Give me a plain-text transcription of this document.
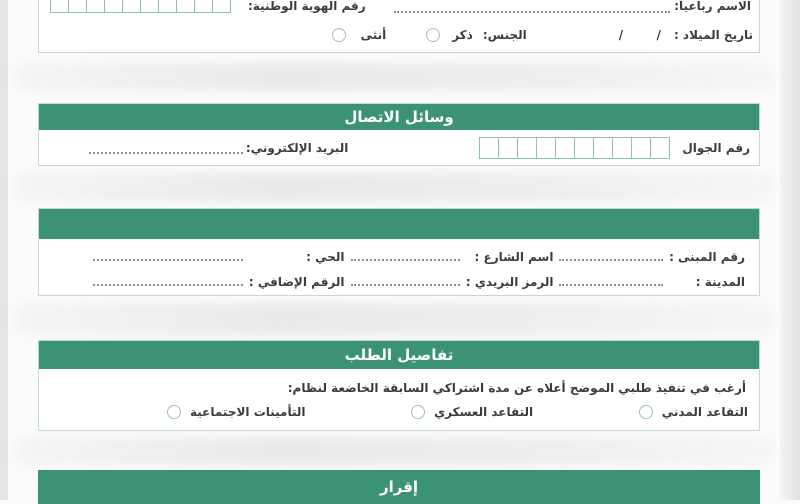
الاسم رباعياً:
رقم الهوية الوطنية:
تاريخ الميلاد :
/        /
الجنس:
ذكر
أنثى
وسائل الاتصال
رقم الجوال
البريد الإلكتروني:
رقم المبنى :
اسم الشارع :
الحي :
المدينة :
الرمز البريدي :
الرقم الإضافي :
تفاصيل الطلب
أرغب في تنفيذ طلبي الموضح أعلاه عن مدة اشتراكي السابقة الخاضعة لنظام:
التقاعد المدني
التقاعد العسكري
التأمينات الاجتماعية
إقرار
